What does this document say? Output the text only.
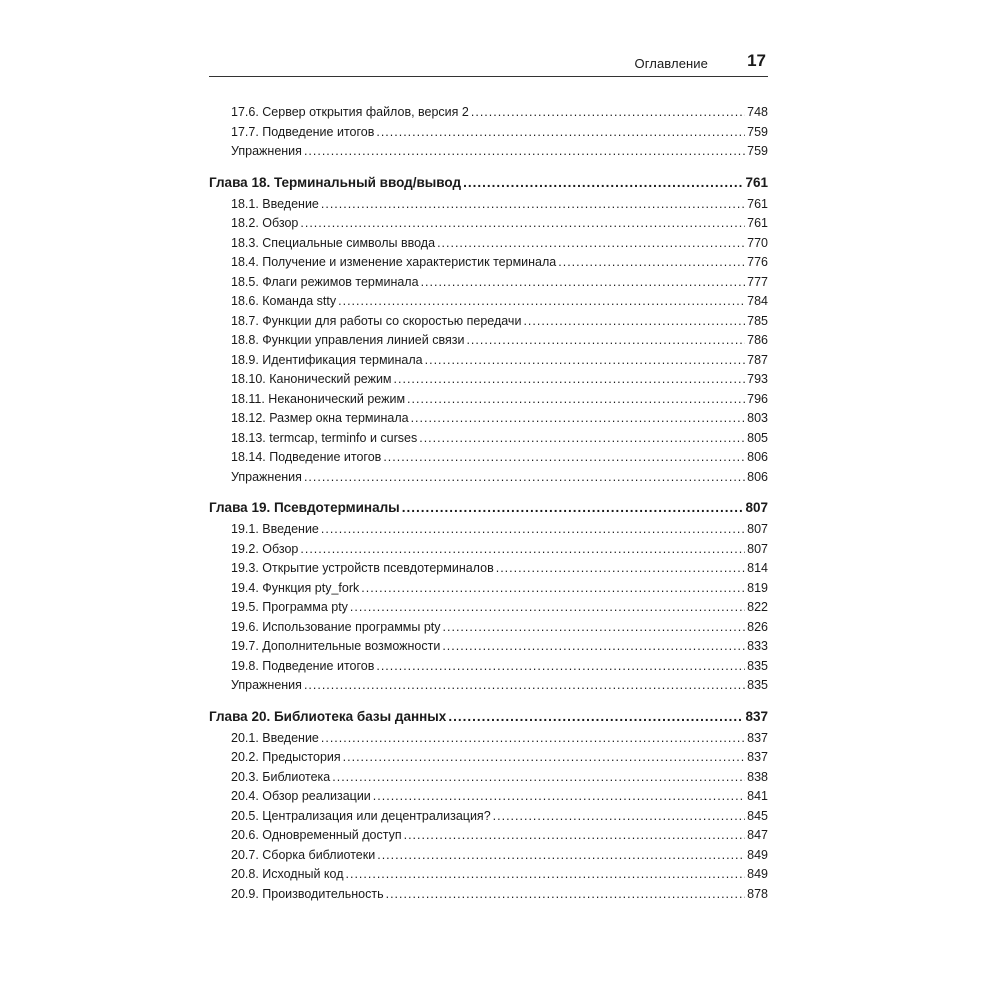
Оглавление 17
17.6. Сервер открытия файлов, версия 2 .....	748
17.7. Подведение итогов .....	759
Упражнения .....	759
Глава 18. Терминальный ввод/вывод .....	761
18.1. Введение .....	761
18.2. Обзор .....	761
18.3. Специальные символы ввода .....	770
18.4. Получение и изменение характеристик терминала .....	776
18.5. Флаги режимов терминала .....	777
18.6. Команда stty .....	784
18.7. Функции для работы со скоростью передачи .....	785
18.8. Функции управления линией связи .....	786
18.9. Идентификация терминала .....	787
18.10. Канонический режим .....	793
18.11. Неканонический режим .....	796
18.12. Размер окна терминала .....	803
18.13. termcap, terminfo и curses .....	805
18.14. Подведение итогов .....	806
Упражнения .....	806
Глава 19. Псевдотерминалы .....	807
19.1. Введение .....	807
19.2. Обзор .....	807
19.3. Открытие устройств псевдотерминалов .....	814
19.4. Функция pty_fork .....	819
19.5. Программа pty .....	822
19.6. Использование программы pty .....	826
19.7. Дополнительные возможности .....	833
19.8. Подведение итогов .....	835
Упражнения .....	835
Глава 20. Библиотека базы данных .....	837
20.1. Введение .....	837
20.2. Предыстория .....	837
20.3. Библиотека .....	838
20.4. Обзор реализации .....	841
20.5. Централизация или децентрализация? .....	845
20.6. Одновременный доступ .....	847
20.7. Сборка библиотеки .....	849
20.8. Исходный код .....	849
20.9. Производительность .....	878
